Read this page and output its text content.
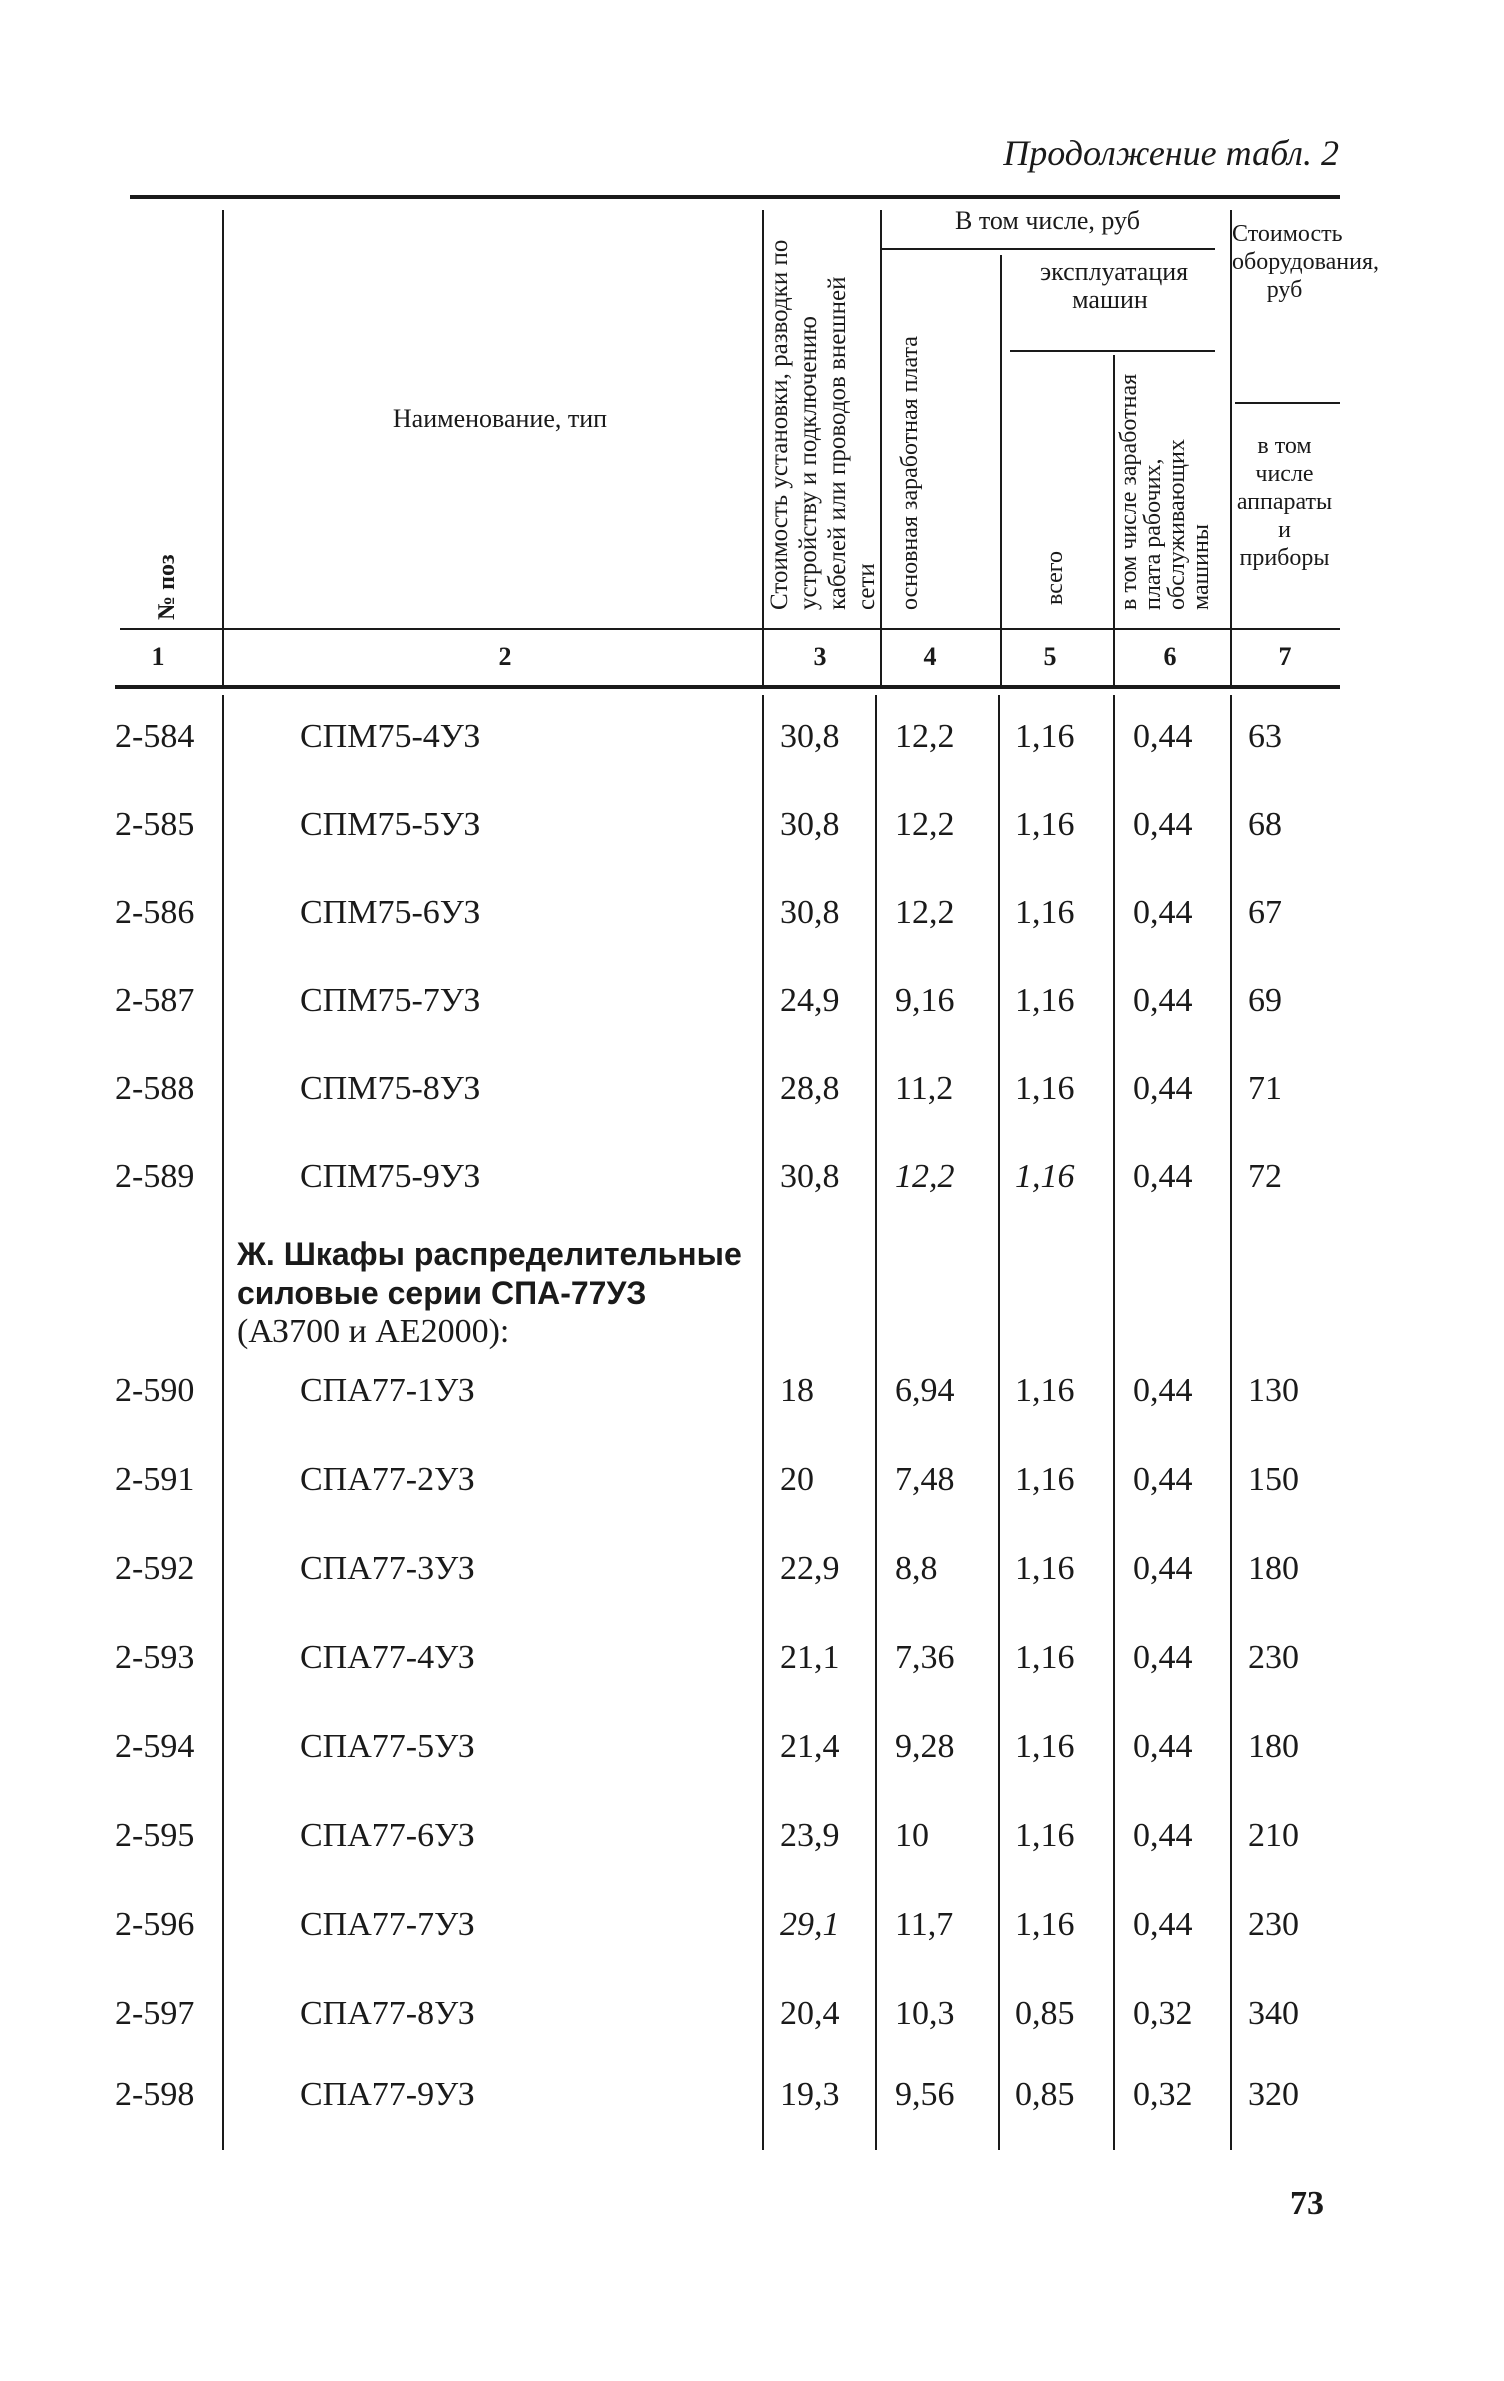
Продолжение табл. 2
№ поз
Наименование, тип	Стоимость установки, разводки по устройству и подключению кабелей или проводов внешней сети
В том числе, руб
основная заработная плата
эксплуатация машин
всего в том числе заработная плата рабочих, обслуживающих машины
Стоимость оборудования, руб
в том числе аппараты и приборы
1	2	3	4	5	6	7
2-584	СПМ75-4УЗ	30,8 12,2 1,16 0,44 63
2-585	СПМ75-5УЗ	30,8 12,2 1,16 0,44 68
2-586	СПМ75-6УЗ	30,8 12,2 1,16 0,44 67
2-587	СПМ75-7УЗ	24,9 9,16 1,16 0,44 69
2-588	СПМ75-8УЗ	28,8 11,2 1,16 0,44 71
2-589	СПМ75-9УЗ	30,8 12,2 1,16 0,44 72
Ж. Шкафы распределительные силовые серии СПА-77УЗ
(АЗ700 и АЕ2000):
2-590	СПА77-1УЗ	18 6,94 1,16 0,44 130
2-591	СПА77-2УЗ	20 7,48 1,16 0,44 150
2-592	СПА77-3УЗ	22,9 8,8 1,16 0,44 180
2-593	СПА77-4УЗ	21,1 7,36 1,16 0,44 230
2-594	СПА77-5УЗ	21,4 9,28 1,16 0,44 180
2-595	СПА77-6УЗ	23,9 10	1,16 0,44 210
2-596	СПА77-7УЗ	29,1 11,7 1,16 0,44 230
2-597	СПА77-8УЗ	20,4 10,3 0,85 0,32 340
2-598	СПА77-9УЗ	19,3 9,56 0,85 0,32 320
73
